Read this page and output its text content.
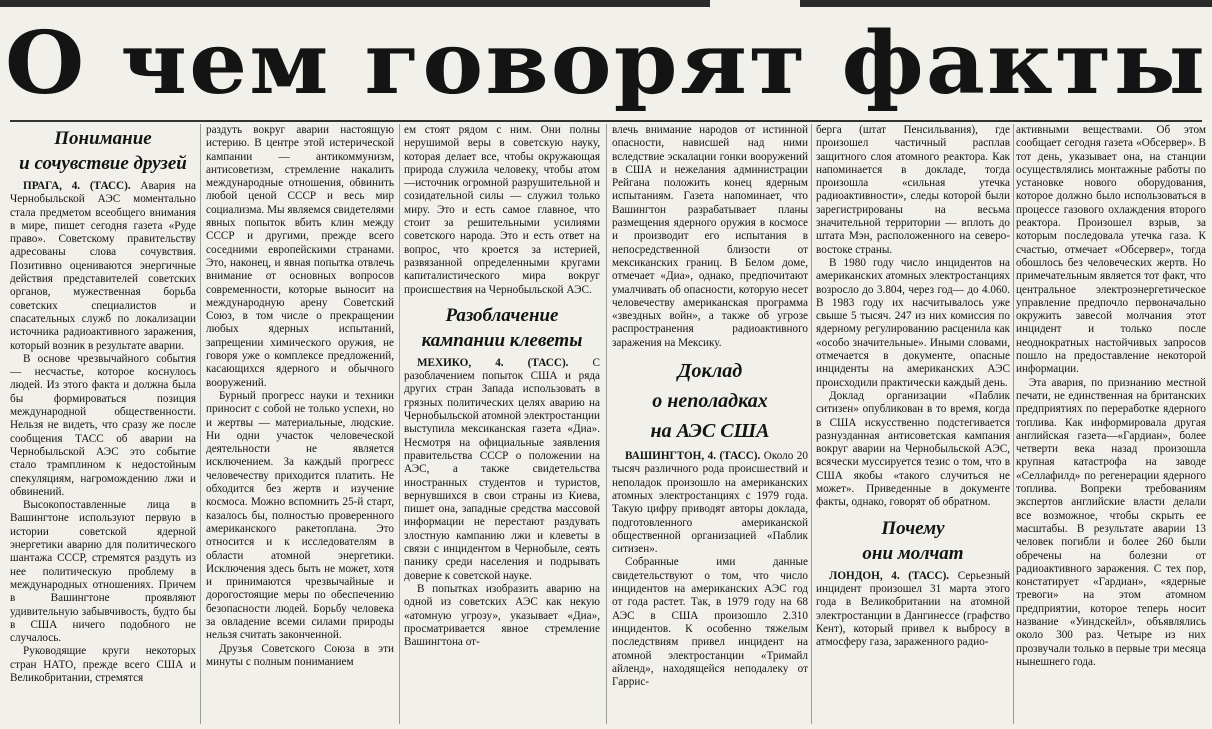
О чем говорят факты

Понимание

и сочувствие друзей

ПРАГА, 4. (ТАСС). Авария на Чернобыльской АЭС моментально стала предметом всеобщего внимания в мире, пишет сегодня газета «Руде право». Советскому правительству адресованы слова сочувствия. Позитивно оцениваются энергичные действия представителей советских органов, мужественная борьба советских специалистов и спасательных служб по локализации источника радиоактивного заражения, который возник в результате аварии.

В основе чрезвычайного события — несчастье, которое коснулось людей. Из этого факта и должна была бы формироваться позиция международной общественности. Нельзя не видеть, что сразу же после сообщения ТАСС об аварии на Чернобыльской АЭС это событие стало трамплином к недостойным спекуляциям, нагромождению лжи и обвинений.

Высокопоставленные лица в Вашингтоне используют первую в истории советской ядерной энергетики аварию для политического шантажа СССР, стремятся раздуть из нее политическую проблему в международных отношениях. Причем в Вашингтоне проявляют удивительную забывчивость, будто бы в США ничего подобного не случалось.

Руководящие круги некоторых стран НАТО, прежде всего США и Великобритании, стремятся

раздуть вокруг аварии настоящую истерию. В центре этой истерической кампании — антикоммунизм, антисоветизм, стремление накалить международные отношения, обвинить любой ценой СССР и весь мир социализма. Мы являемся свидетелями явных попыток вбить клин между СССР и другими, прежде всего соседними европейскими странами. Это, наконец, и явная попытка отвлечь внимание от основных вопросов современности, которые выносит на международную арену Советский Союз, в том числе о прекращении любых ядерных испытаний, запрещении химического оружия, не говоря уже о комплексе предложений, касающихся ядерного и обычного вооружений.

Бурный прогресс науки и техники приносит с собой не только успехи, но и жертвы — материальные, людские. Ни одни участок человеческой деятельности не является исключением. За каждый прогресс человечеству приходится платить. Не обходится без жертв и изучение космоса. Можно вспомнить 25-й старт, казалось бы, полностью проверенного американского ракетоплана. Это относится и к исследователям в области атомной энергетики. Исключения здесь быть не может, хотя и принимаются чрезвычайные и дорогостоящие меры по обеспечению безопасности людей. Борьбу человека за овладение всеми силами природы нельзя считать законченной.

Друзья Советского Союза в эти минуты с полным пониманием

ем стоят рядом с ним. Они полны нерушимой веры в советскую науку, которая делает все, чтобы окружающая природа служила человеку, чтобы атом—источник огромной разрушительной и созидательной силы — служил только миру. Это и есть самое главное, что стоит за решительными усилиями советского народа. Это и есть ответ на вопрос, что кроется за истерией, развязанной определенными кругами капиталистического мира вокруг происшествия на Чернобыльской АЭС.

Разоблачение

кампании клеветы

МЕХИКО, 4. (ТАСС). С разоблачением попыток США и ряда других стран Запада использовать в грязных политических целях аварию на Чернобыльской атомной электростанции выступила мексиканская газета «Диа». Несмотря на официальные заявления правительства СССР о положении на АЭС, а также свидетельства иностранных студентов и туристов, вернувшихся в свои страны из Киева, пишет она, западные средства массовой информации не перестают раздувать злостную кампанию лжи и клеветы в связи с инцидентом в Чернобыле, сеять панику среди населения и подрывать доверие к советской науке.

В попытках изобразить аварию на одной из советских АЭС как некую «атомную угрозу», указывает «Диа», просматривается явное стремление Вашингтона от-

влечь внимание народов от истинной опасности, нависшей над ними вследствие эскалации гонки вооружений в США и нежелания администрации Рейгана положить конец ядерным испытаниям. Газета напоминает, что Вашингтон разрабатывает планы размещения ядерного оружия в космосе и производит его испытания в непосредственной близости от мексиканских границ. В Белом доме, отмечает «Диа», однако, предпочитают умалчивать об опасности, которую несет человечеству американская программа «звездных войн», а также об угрозе распространения радиоактивного заражения на Мексику.

Доклад

о неполадках

на АЭС США

ВАШИНГТОН, 4. (ТАСС). Около 20 тысяч различного рода происшествий и неполадок произошло на американских атомных электростанциях с 1979 года. Такую цифру приводят авторы доклада, подготовленного американской общественной организацией «Паблик ситизен».

Собранные ими данные свидетельствуют о том, что число инцидентов на американских АЭС год от года растет. Так, в 1979 году на 68 АЭС в США произошло 2.310 инцидентов. К особенно тяжелым последствиям привел инцидент на атомной электростанции «Тримайл айленд», находящейся неподалеку от Гаррис-

берга (штат Пенсильвания), где произошел частичный расплав защитного слоя атомного реактора. Как напоминается в докладе, тогда произошла «сильная утечка радиоактивности», следы которой были зарегистрированы на весьма значительной территории — вплоть до штата Мэн, расположенного на северо-востоке страны.

В 1980 году число инцидентов на американских атомных электростанциях возросло до 3.804, через год— до 4.060. В 1983 году их насчитывалось уже свыше 5 тысяч. 247 из них комиссия по ядерному регулированию расценила как «особо значительные». Иными словами, отмечается в документе, опасные инциденты на американских АЭС происходили практически каждый день.

Доклад организации «Паблик ситизен» опубликован в то время, когда в США искусственно подстегивается разнузданная антисоветская кампания вокруг аварии на Чернобыльской АЭС, всячески муссируется тезис о том, что в США якобы «такого случиться не может». Приведенные в документе факты, однако, говорят об обратном.

Почему

они молчат

ЛОНДОН, 4. (ТАСС). Серьезный инцидент произошел 31 марта этого года в Великобритании на атомной электростанции в Дангинессе (графство Кент), который привел к выбросу в атмосферу газа, зараженного радио-

активными веществами. Об этом сообщает сегодня газета «Обсервер». В тот день, указывает она, на станции осуществлялись монтажные работы по установке нового оборудования, которое должно было использоваться в процессе газового охлаждения второго реактора. Произошел взрыв, за которым последовала утечка газа. К счастью, отмечает «Обсервер», тогда обошлось без человеческих жертв. Но примечательным является тот факт, что центральное электроэнергетическое управление предпочло первоначально окружить завесой молчания этот инцидент и только после неоднократных настойчивых запросов пошло на предоставление некоторой информации.

Эта авария, по признанию местной печати, не единственная на британских предприятиях по переработке ядерного топлива. Как информировала другая английская газета—«Гардиан», более четверти века назад произошла крупная катастрофа на заводе «Селлафилд» по регенерации ядерного топлива. Вопреки требованиям экспертов английские власти делали все возможное, чтобы скрыть ее масштабы. В результате аварии 13 человек погибли и более 260 были обречены на болезни от радиоактивного заражения. С тех пор, констатирует «Гардиан», «ядерные тревоги» на этом атомном предприятии, которое теперь носит название «Уиндскейл», объявлялись около 300 раз. Четыре из них прозвучали только в первые три месяца нынешнего года.
